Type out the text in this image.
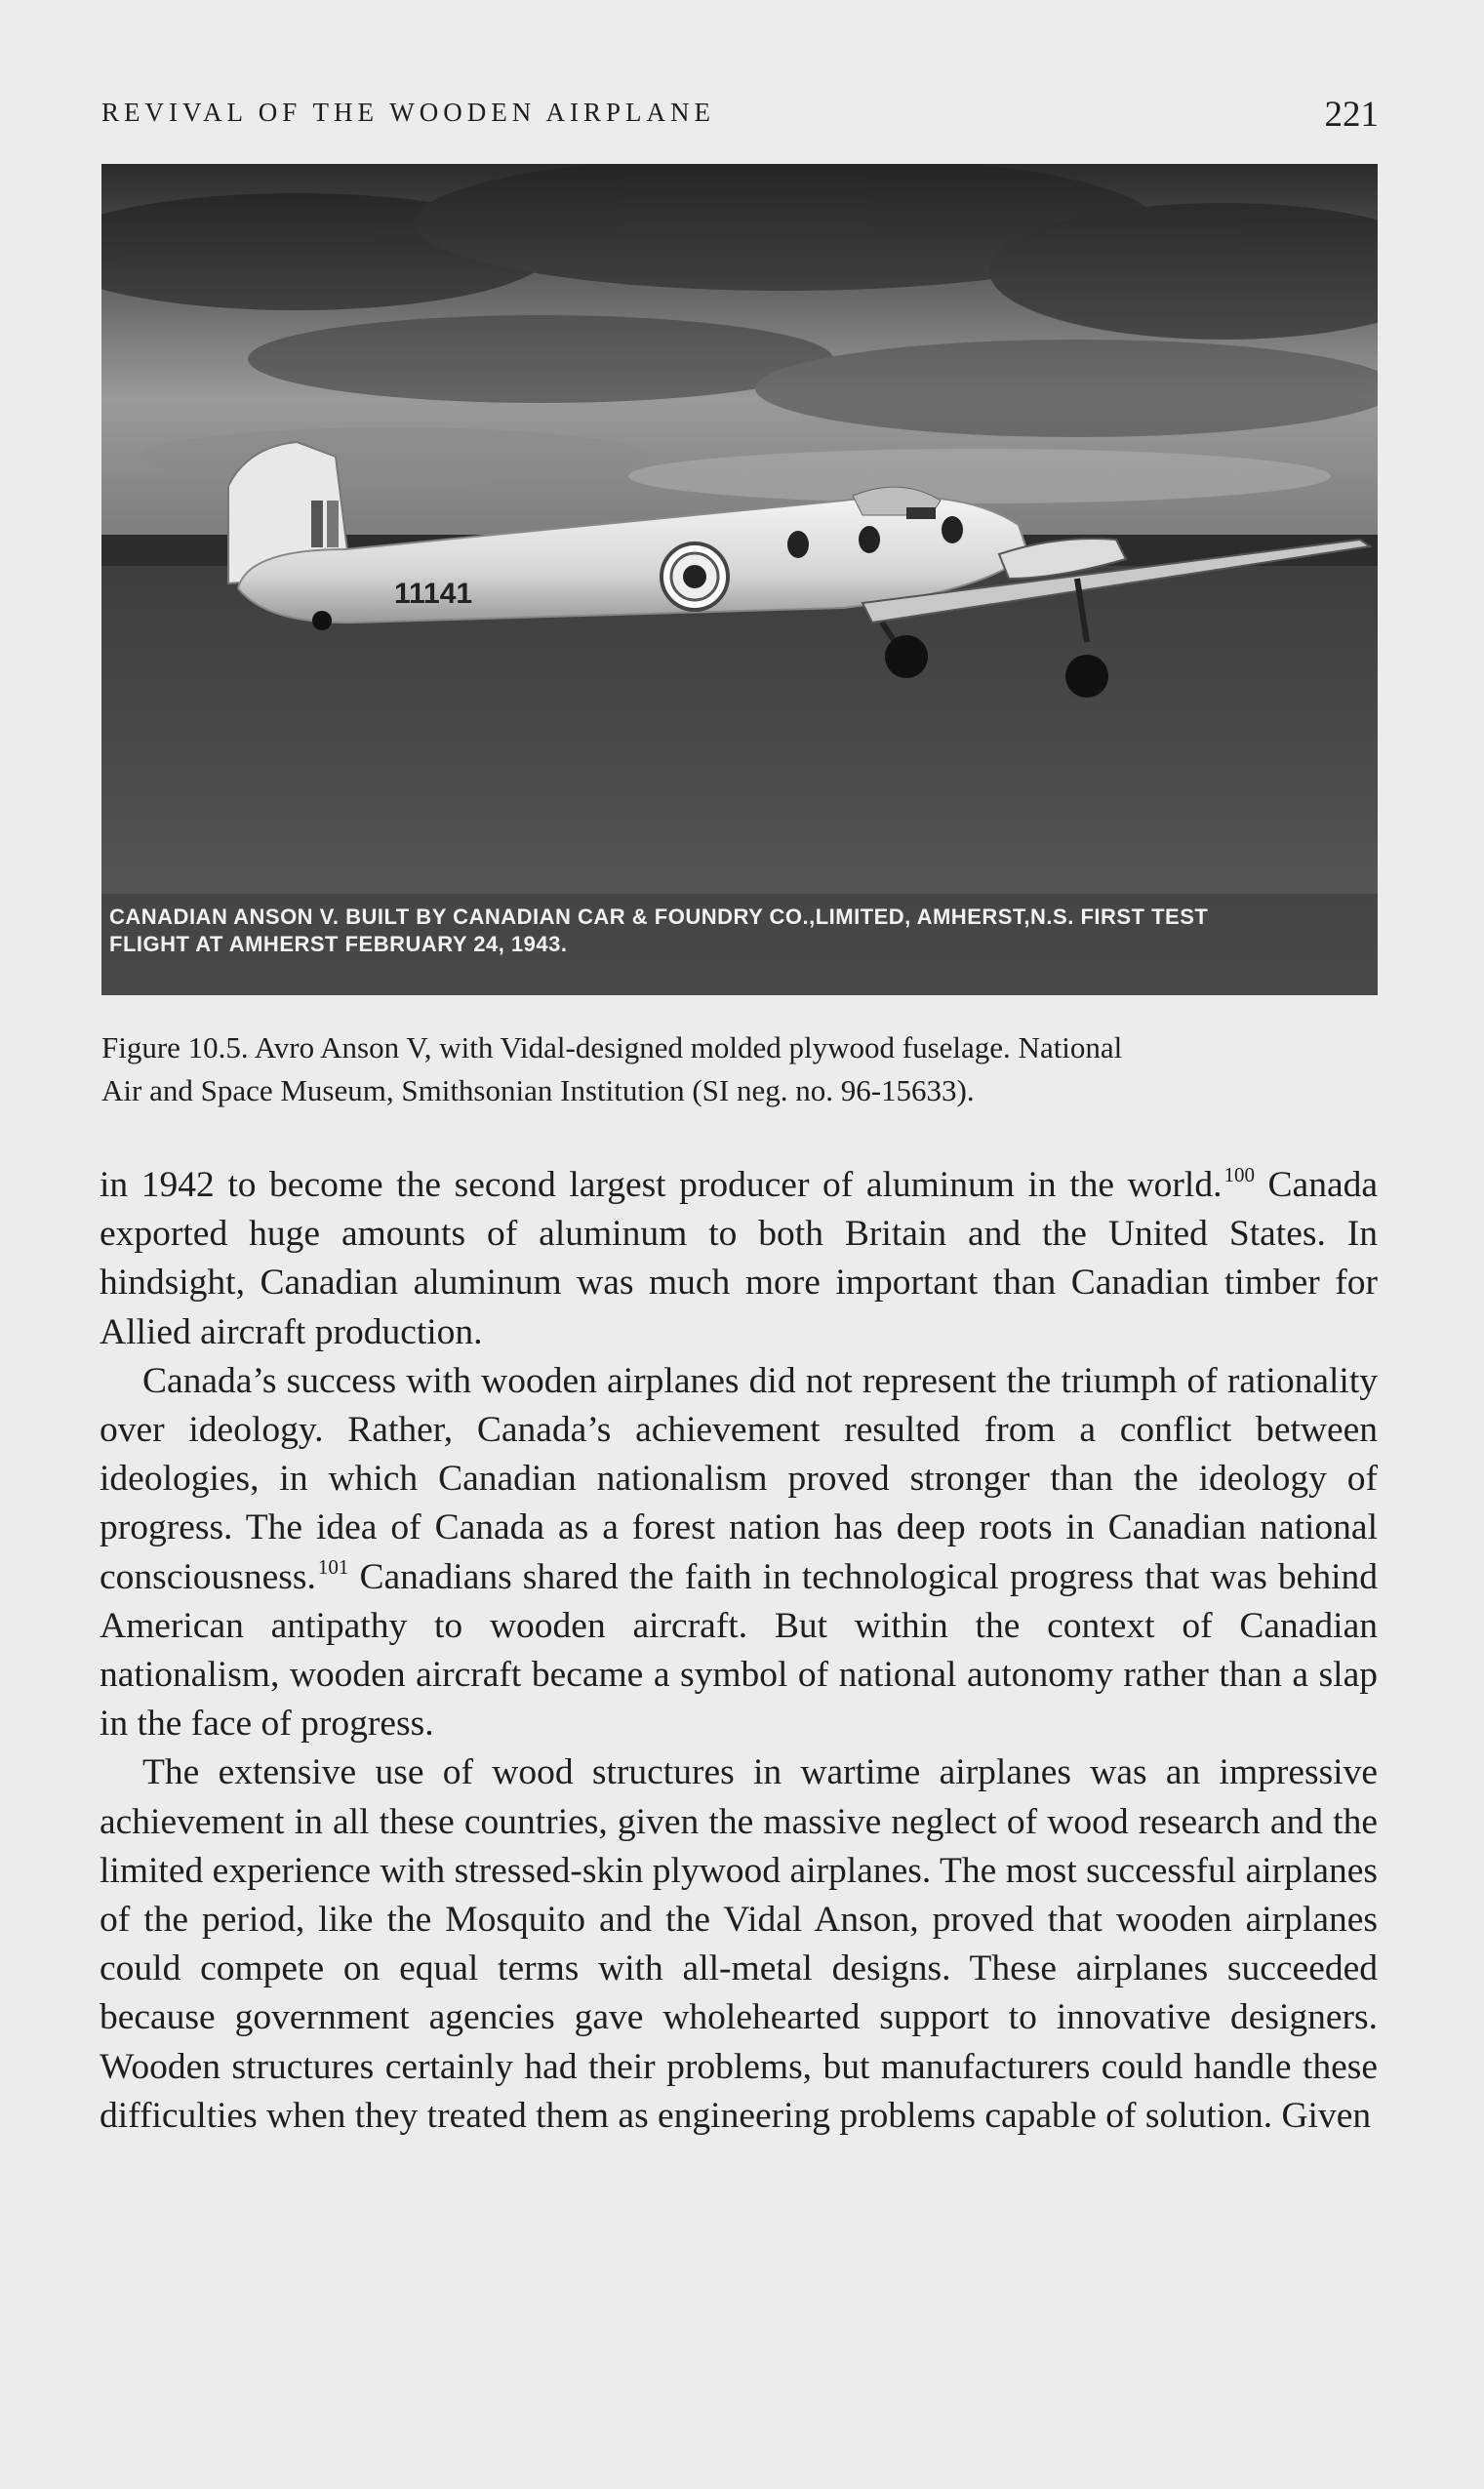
REVIVAL OF THE WOODEN AIRPLANE	221
11141
CANADIAN ANSON V. BUILT BY CANADIAN CAR & FOUNDRY CO.,LIMITED, AMHERST,N.S. FIRST TEST
FLIGHT AT AMHERST FEBRUARY 24, 1943.
Figure 10.5. Avro Anson V, with Vidal-designed molded plywood fuselage. National
Air and Space Museum, Smithsonian Institution (SI neg. no. 96-15633).

in 1942 to become the second largest producer of aluminum in the world.$^{100}$ Canada exported huge amounts of aluminum to both Britain and the United States. In hindsight, Canadian aluminum was much more important than Canadian timber for Allied aircraft production.

Canada’s success with wooden airplanes did not represent the triumph of rationality over ideology. Rather, Canada’s achievement resulted from a conflict between ideologies, in which Canadian nationalism proved stronger than the ideology of progress. The idea of Canada as a forest nation has deep roots in Canadian national consciousness.$^{101}$ Canadians shared the faith in technological progress that was behind American antipathy to wooden aircraft. But within the context of Canadian nationalism, wooden aircraft became a symbol of national autonomy rather than a slap in the face of progress.

The extensive use of wood structures in wartime airplanes was an impressive achievement in all these countries, given the massive neglect of wood research and the limited experience with stressed-skin plywood airplanes. The most successful airplanes of the period, like the Mosquito and the Vidal Anson, proved that wooden airplanes could compete on equal terms with all-metal designs. These airplanes succeeded because government agencies gave wholehearted support to innovative designers. Wooden structures certainly had their problems, but manufacturers could handle these difficulties when they treated them as engineering problems capable of solution. Given
